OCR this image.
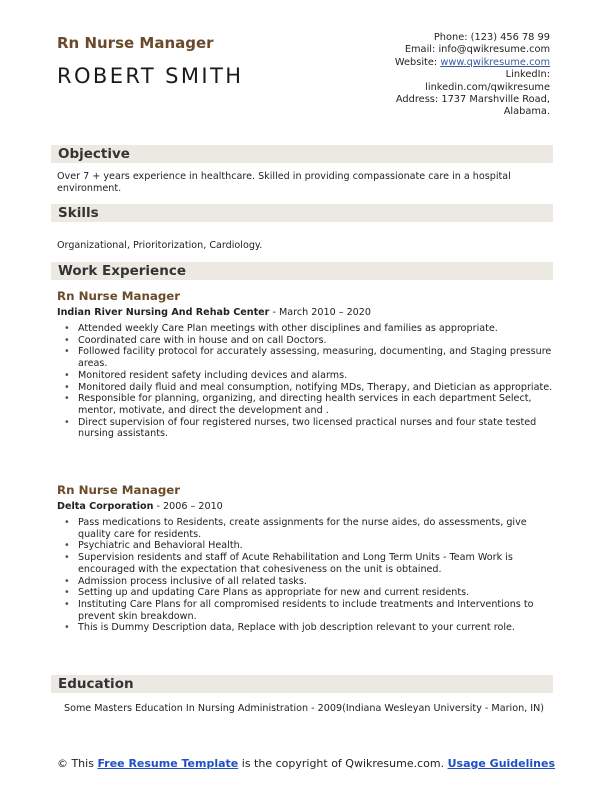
Rn Nurse Manager
ROBERT SMITH
Phone: (123) 456 78 99
Email: info@qwikresume.com
Website: www.qwikresume.com
LinkedIn:
linkedin.com/qwikresume
Address: 1737 Marshville Road,
Alabama.
Objective
Over 7 + years experience in healthcare. Skilled in providing compassionate care in a hospital environment.
Skills
Organizational, Prioritorization, Cardiology.
Work Experience
Rn Nurse Manager
Indian River Nursing And Rehab Center - March 2010 – 2020
• Attended weekly Care Plan meetings with other disciplines and families as appropriate.
• Coordinated care with in house and on call Doctors.
• Followed facility protocol for accurately assessing, measuring, documenting, and Staging pressure areas.
• Monitored resident safety including devices and alarms.
• Monitored daily fluid and meal consumption, notifying MDs, Therapy, and Dietician as appropriate.
• Responsible for planning, organizing, and directing health services in each department Select, mentor, motivate, and direct the development and .
• Direct supervision of four registered nurses, two licensed practical nurses and four state tested nursing assistants.
Rn Nurse Manager
Delta Corporation - 2006 – 2010
• Pass medications to Residents, create assignments for the nurse aides, do assessments, give quality care for residents.
• Psychiatric and Behavioral Health.
• Supervision residents and staff of Acute Rehabilitation and Long Term Units - Team Work is encouraged with the expectation that cohesiveness on the unit is obtained.
• Admission process inclusive of all related tasks.
• Setting up and updating Care Plans as appropriate for new and current residents.
• Instituting Care Plans for all compromised residents to include treatments and Interventions to prevent skin breakdown.
• This is Dummy Description data, Replace with job description relevant to your current role.
Education
Some Masters Education In Nursing Administration - 2009(Indiana Wesleyan University - Marion, IN)
© This Free Resume Template is the copyright of Qwikresume.com. Usage Guidelines
